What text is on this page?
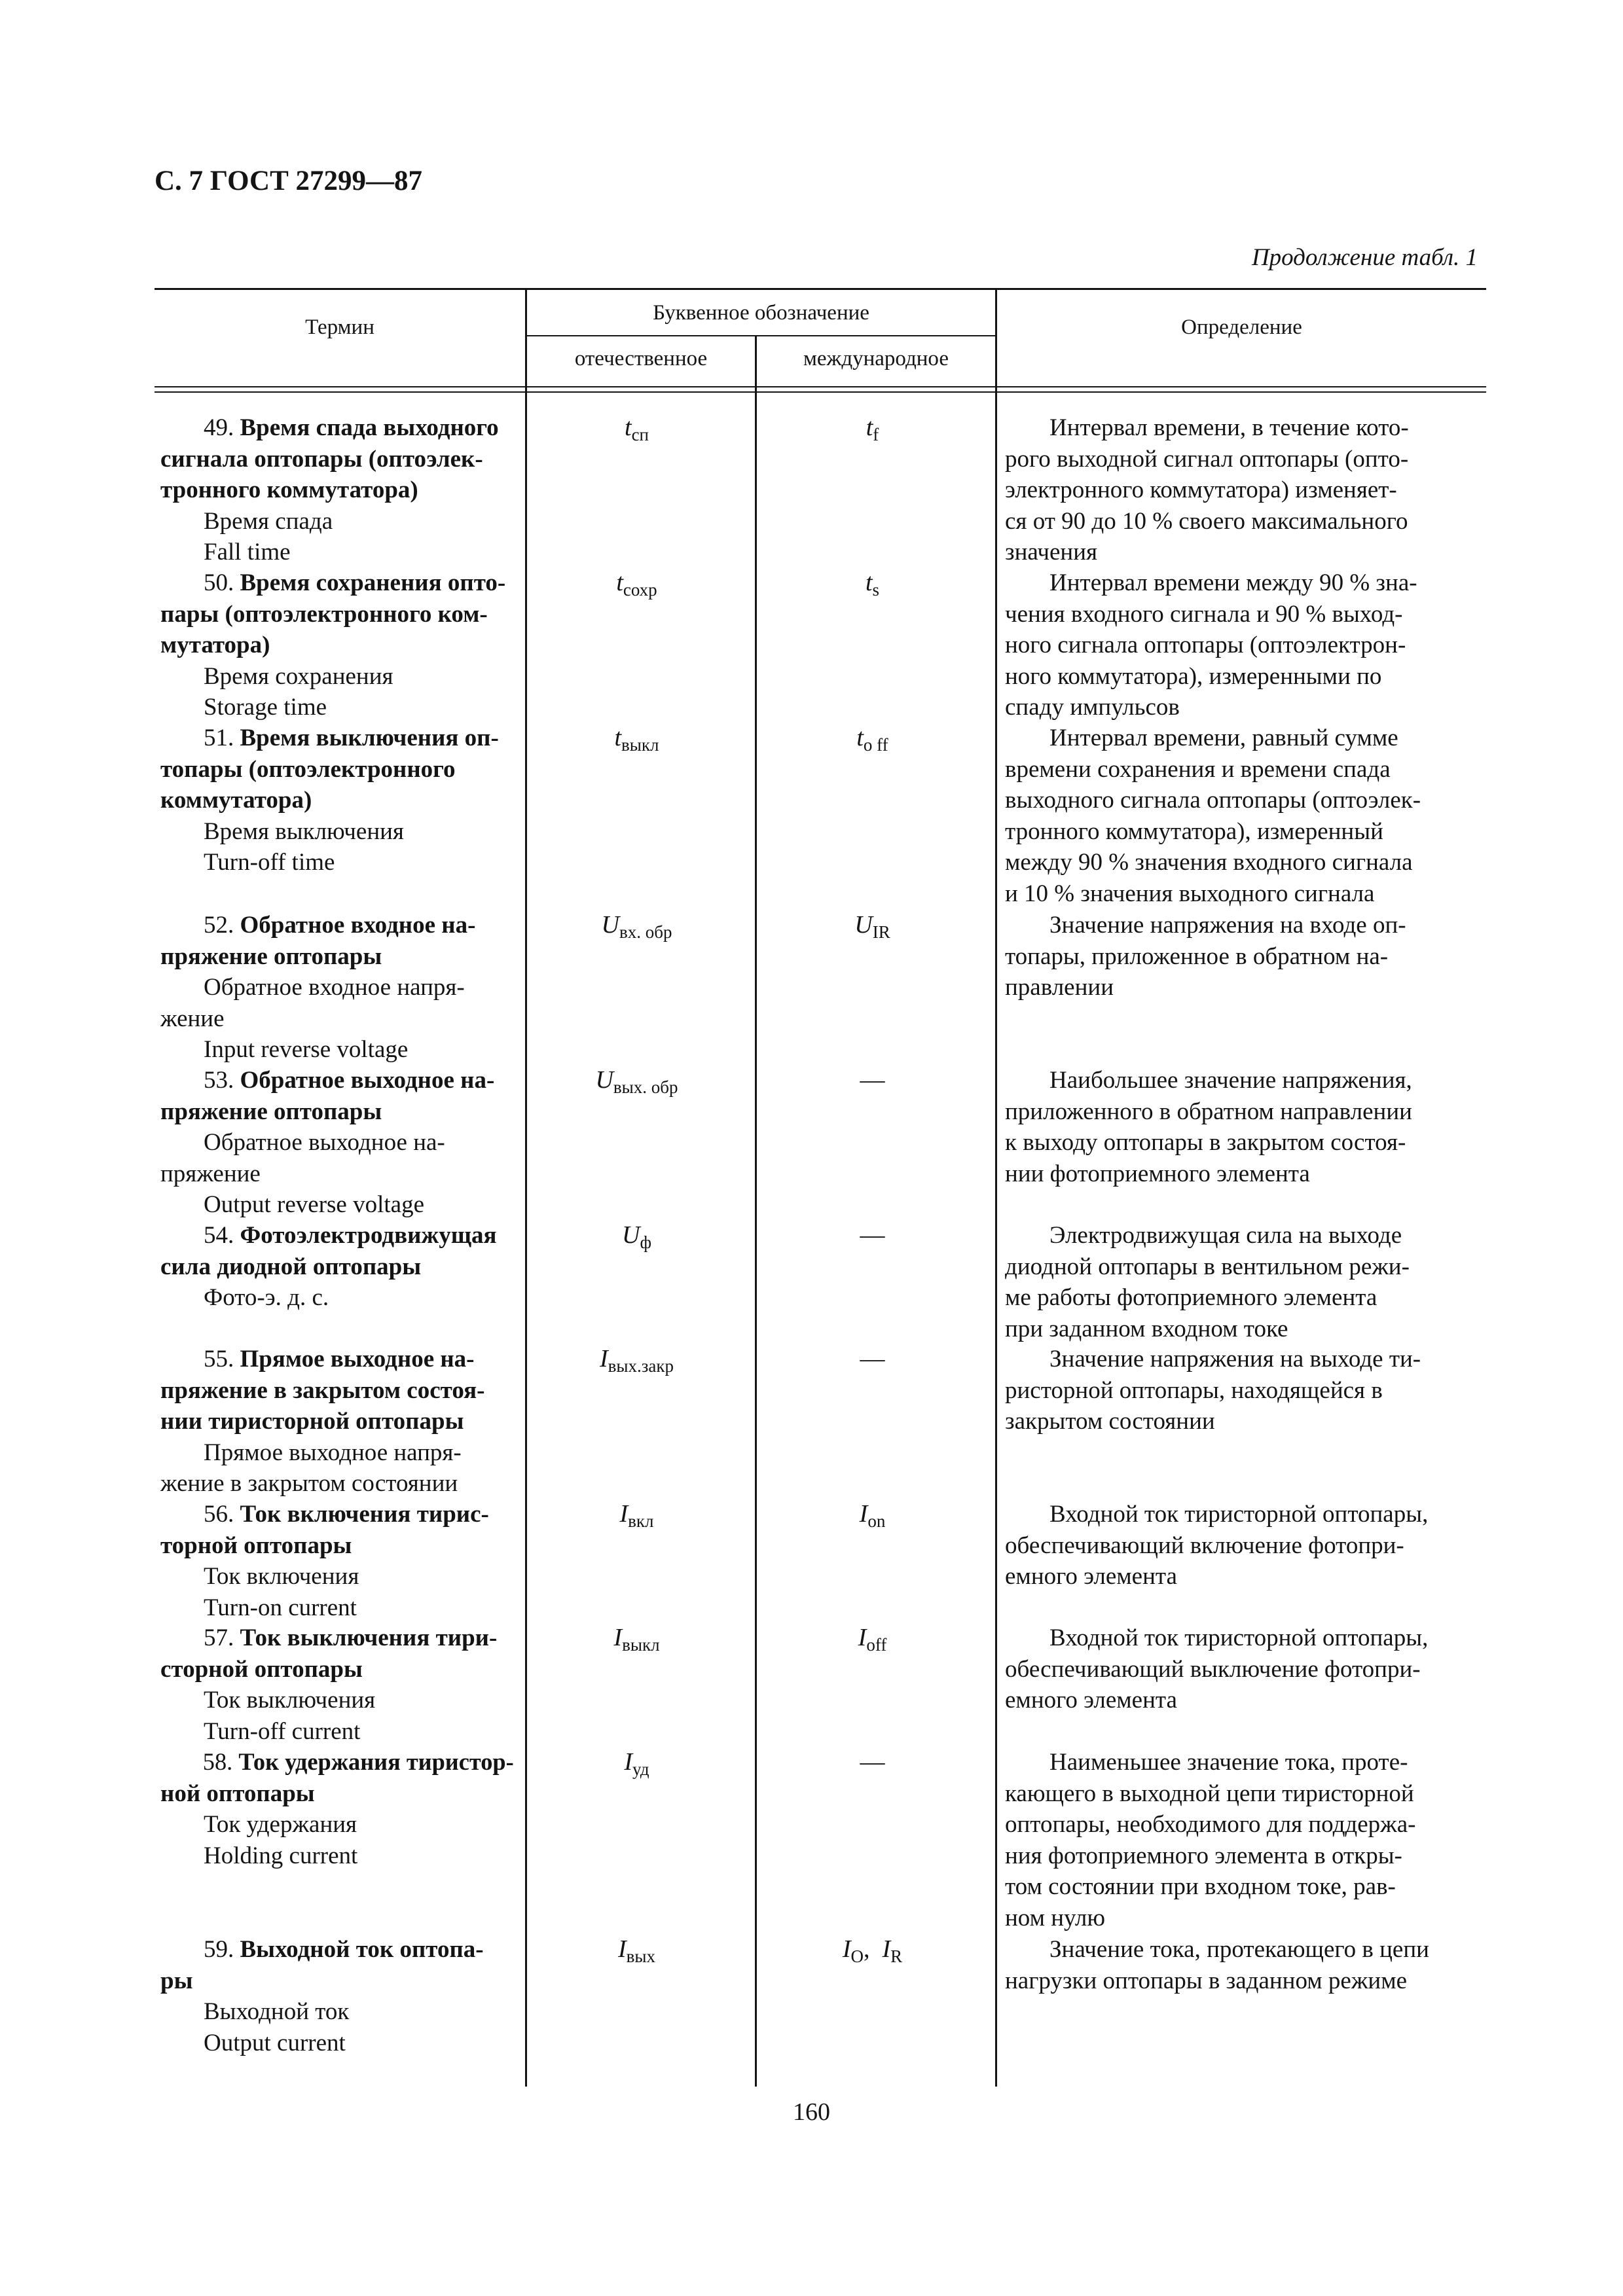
С. 7 ГОСТ 27299—87
Продолжение табл. 1
Термин
Буквенное обозначение
отечественное	международное
Определение
49. Время спада выходного
сигнала оптопары (оптоэлек-
тронного коммутатора)
Время спада
Fall time
$t_{сп}$	$t_f$	Интервал времени, в течение кото-
рого выходной сигнал оптопары (опто-
электронного коммутатора) изменяет-
ся от 90 до 10 % своего максимального
значения
50. Время сохранения опто-
пары (оптоэлектронного ком-
мутатора)
Время сохранения
Storage time
$t_{сохр}$	$t_s$	Интервал времени между 90 % зна-
чения входного сигнала и 90 % выход-
ного сигнала оптопары (оптоэлектрон-
ного коммутатора), измеренными по
спаду импульсов
51. Время выключения оп-
топары (оптоэлектронного
коммутатора)
Время выключения
Turn-off time
$t_{выкл}$	$t_{o ff}$	Интервал времени, равный сумме
времени сохранения и времени спада
выходного сигнала оптопары (оптоэлек-
тронного коммутатора), измеренный
между 90 % значения входного сигнала
и 10 % значения выходного сигнала
52. Обратное входное на-
пряжение оптопары
Обратное входное напря-
жение
Input reverse voltage
$U_{вх. обр}$	$U_{IR}$	Значение напряжения на входе оп-
топары, приложенное в обратном на-
правлении
53. Обратное выходное на-
пряжение оптопары
Обратное выходное на-
пряжение
Output reverse voltage
$U_{вых. обр}$	—	Наибольшее значение напряжения,
приложенного в обратном направлении
к выходу оптопары в закрытом состоя-
нии фотоприемного элемента
54. Фотоэлектродвижущая
сила диодной оптопары
Фото-э. д. с.
$U_ф$	—	Электродвижущая сила на выходе
диодной оптопары в вентильном режи-
ме работы фотоприемного элемента
при заданном входном токе
55. Прямое выходное на-
пряжение в закрытом состоя-
нии тиристорной оптопары
Прямое выходное напря-
жение в закрытом состоянии
$I_{вых.закр}$	—	Значение напряжения на выходе ти-
ристорной оптопары, находящейся в
закрытом состоянии
56. Ток включения тирис-
торной оптопары
Ток включения
Turn-on current
$I_{вкл}$	$I_{on}$	Входной ток тиристорной оптопары,
обеспечивающий включение фотопри-
емного элемента
57. Ток выключения тири-
сторной оптопары
Ток выключения
Turn-off current
$I_{выкл}$	$I_{off}$	Входной ток тиристорной оптопары,
обеспечивающий выключение фотопри-
емного элемента
58. Ток удержания тиристор-
ной оптопары
Ток удержания
Holding current
$I_{уд}$	—	Наименьшее значение тока, проте-
кающего в выходной цепи тиристорной
оптопары, необходимого для поддержа-
ния фотоприемного элемента в откры-
том состоянии при входном токе, рав-
ном нулю
59. Выходной ток оптопа-
ры
Выходной ток
Output current
$I_{вых}$	$I_O$,  $I_R$	Значение тока, протекающего в цепи
нагрузки оптопары в заданном режиме
160
